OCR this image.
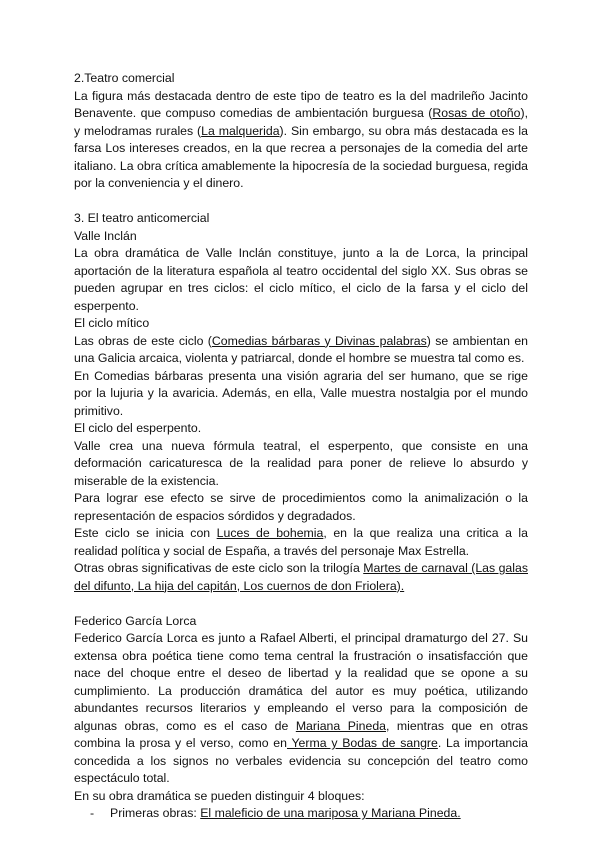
2.Teatro comercial

La figura más destacada dentro de este tipo de teatro es la del madrileño Jacinto Benavente. que compuso comedias de ambientación burguesa (Rosas de otoño), y melodramas rurales (La malquerida). Sin embargo, su obra más destacada es la farsa Los intereses creados, en la que recrea a personajes de la comedia del arte italiano. La obra crítica amablemente la hipocresía de la sociedad burguesa, regida por la conveniencia y el dinero.

3. El teatro anticomercial

Valle Inclán

La obra dramática de Valle Inclán constituye, junto a la de Lorca, la principal aportación de la literatura española al teatro occidental del siglo XX. Sus obras se pueden agrupar en tres ciclos: el ciclo mítico, el ciclo de la farsa y el ciclo del esperpento.

El ciclo mítico

Las obras de este ciclo (Comedias bárbaras y Divinas palabras) se ambientan en una Galicia arcaica, violenta y patriarcal, donde el hombre se muestra tal como es.

En Comedias bárbaras presenta una visión agraria del ser humano, que se rige por la lujuria y la avaricia. Además, en ella, Valle muestra nostalgia por el mundo primitivo.

El ciclo del esperpento.

Valle crea una nueva fórmula teatral, el esperpento, que consiste en una deformación caricaturesca de la realidad para poner de relieve lo absurdo y miserable de la existencia.

Para lograr ese efecto se sirve de procedimientos como la animalización o la representación de espacios sórdidos y degradados.

Este ciclo se inicia con Luces de bohemia, en la que realiza una critica a la realidad política y social de España, a través del personaje Max Estrella.

Otras obras significativas de este ciclo son la trilogía Martes de carnaval (Las galas del difunto, La hija del capitán, Los cuernos de don Friolera).

Federico García Lorca

Federico García Lorca es junto a Rafael Alberti, el principal dramaturgo del 27. Su extensa obra poética tiene como tema central la frustración o insatisfacción que nace del choque entre el deseo de libertad y la realidad que se opone a su cumplimiento. La producción dramática del autor es muy poética, utilizando abundantes recursos literarios y empleando el verso para la composición de algunas obras, como es el caso de Mariana Pineda, mientras que en otras combina la prosa y el verso, como en Yerma y Bodas de sangre. La importancia concedida a los signos no verbales evidencia su concepción del teatro como espectáculo total.

En su obra dramática se pueden distinguir 4 bloques:

- Primeras obras: El maleficio de una mariposa y Mariana Pineda.
